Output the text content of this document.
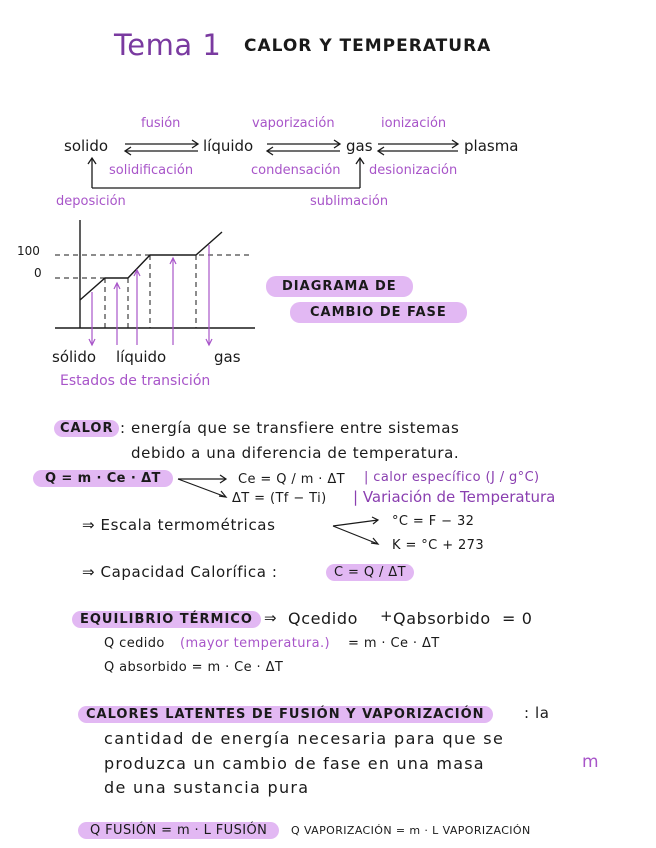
Tema 1 CALOR Y TEMPERATURA
solido	líquido	gas	plasma
fusión	vaporización	ionización
solidificación	condensación desionización
deposición	sublimación
100
0
sólido líquido	gas
Estados de transición
DIAGRAMA DE
CAMBIO DE FASE
CALOR : energía que se transfiere entre sistemas
debido a una diferencia de temperatura.
Q = m · Ce · ΔT	Ce = Q / m · ΔT | calor específico (J / g°C)
ΔT = (Tf − Ti) | Variación de Temperatura
⇒ Escala termométricas	°C = F − 32
K = °C + 273
⇒ Capacidad Calorífica :	C = Q / ΔT
EQUILIBRIO TÉRMICO ⇒ Qcedido + Qabsorbido = 0
Q cedido (mayor temperatura.) = m · Ce · ΔT
Q absorbido = m · Ce · ΔT
CALORES LATENTES DE FUSIÓN Y VAPORIZACIÓN	: la
cantidad de energía necesaria para que se
produzca un cambio de fase en una masa	m
de una sustancia pura
Q FUSIÓN = m · L FUSIÓN	Q VAPORIZACIÓN = m · L VAPORIZACIÓN
